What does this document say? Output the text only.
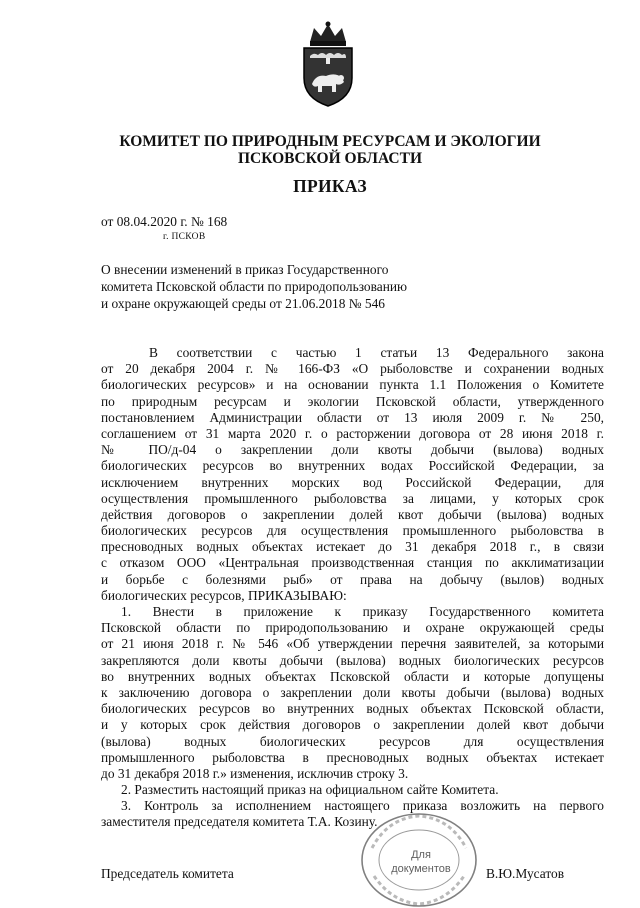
КОМИТЕТ ПО ПРИРОДНЫМ РЕСУРСАМ И ЭКОЛОГИИ
ПСКОВСКОЙ ОБЛАСТИ
ПРИКАЗ
от 08.04.2020 г. № 168
г. ПСКОВ
О внесении изменений в приказ Государственного
комитета Псковской области по природопользованию
и охране окружающей среды от 21.06.2018 № 546
В соответствии с частью 1 статьи 13 Федерального закона
от 20 декабря 2004 г. № 166-ФЗ «О рыболовстве и сохранении водных
биологических ресурсов» и на основании пункта 1.1 Положения о Комитете
по природным ресурсам и экологии Псковской области, утвержденного
постановлением Администрации области от 13 июля 2009 г. № 250,
соглашением от 31 марта 2020 г. о расторжении договора от 28 июня 2018 г.
№ ПО/д-04 о закреплении доли квоты добычи (вылова) водных
биологических ресурсов во внутренних водах Российской Федерации, за
исключением внутренних морских вод Российской Федерации, для
осуществления промышленного рыболовства за лицами, у которых срок
действия договоров о закреплении долей квот добычи (вылова) водных
биологических ресурсов для осуществления промышленного рыболовства в
пресноводных водных объектах истекает до 31 декабря 2018 г., в связи
с отказом ООО «Центральная производственная станция по акклиматизации
и борьбе с болезнями рыб» от права на добычу (вылов) водных
биологических ресурсов, ПРИКАЗЫВАЮ:
1. Внести в приложение к приказу Государственного комитета
Псковской области по природопользованию и охране окружающей среды
от 21 июня 2018 г. № 546 «Об утверждении перечня заявителей, за которыми
закрепляются доли квоты добычи (вылова) водных биологических ресурсов
во внутренних водных объектах Псковской области и которые допущены
к заключению договора о закреплении доли квоты добычи (вылова) водных
биологических ресурсов во внутренних водных объектах Псковской области,
и у которых срок действия договоров о закреплении долей квот добычи
(вылова) водных биологических ресурсов для осуществления
промышленного рыболовства в пресноводных водных объектах истекает
до 31 декабря 2018 г.» изменения, исключив строку 3.
2. Разместить настоящий приказ на официальном сайте Комитета.
3. Контроль за исполнением настоящего приказа возложить на первого
заместителя председателя комитета Т.А. Козину.
Для
документов
Председатель комитета	В.Ю.Мусатов
